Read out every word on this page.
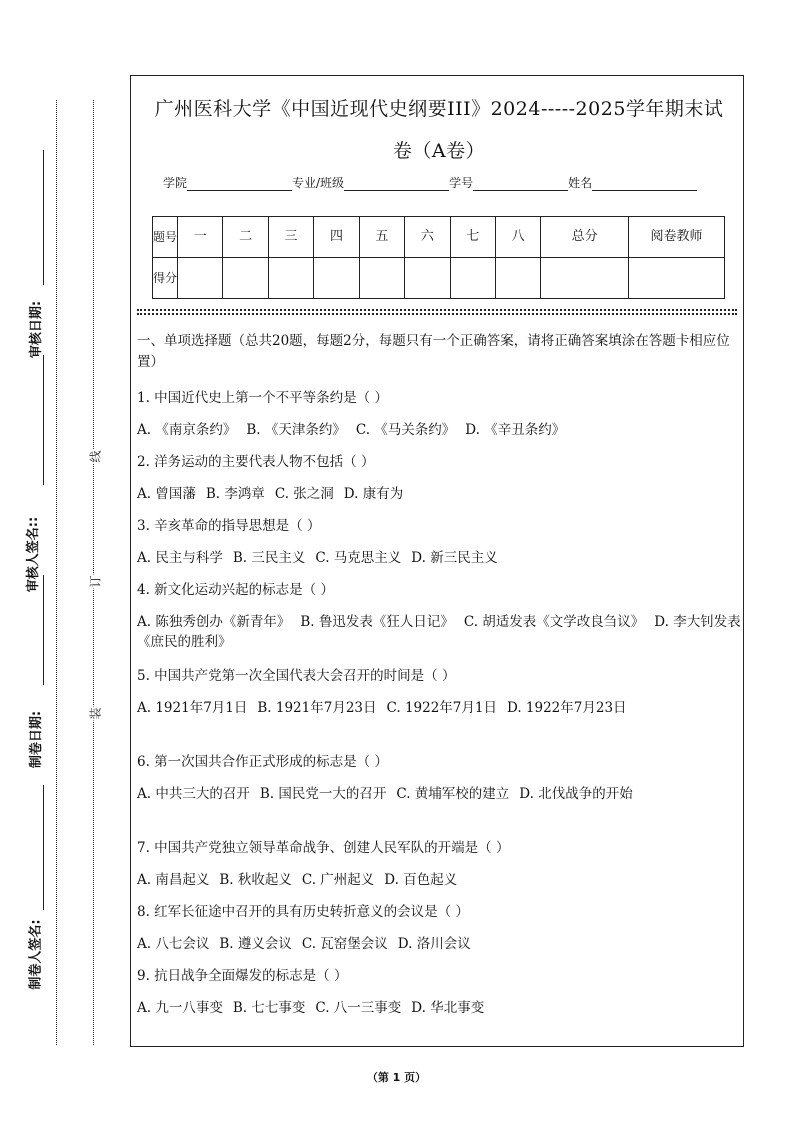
审核日期:
审核人签名::
制卷日期:
制卷人签名:
线
订
装
广州医科大学《中国近现代史纲要III》2024-----2025学年期末试
卷（A卷）
学院	专业/班级	学号	姓名
题号	一	二	三	四	五	六	七	八	总分	阅卷教师
得分										
一、单项选择题（总共20题，每题2分，每题只有一个正确答案，请将正确答案填涂在答题卡相应位置）
1. 中国近代史上第一个不平等条约是（ ）
A. 《南京条约》 B. 《天津条约》 C. 《马关条约》 D. 《辛丑条约》
2. 洋务运动的主要代表人物不包括（ ）
A. 曾国藩 B. 李鸿章 C. 张之洞 D. 康有为
3. 辛亥革命的指导思想是（ ）
A. 民主与科学 B. 三民主义 C. 马克思主义 D. 新三民主义
4. 新文化运动兴起的标志是（ ）
A. 陈独秀创办《新青年》 B. 鲁迅发表《狂人日记》 C. 胡适发表《文学改良刍议》 D. 李大钊发表《庶民的胜利》
5. 中国共产党第一次全国代表大会召开的时间是（ ）
A. 1921年7月1日 B. 1921年7月23日 C. 1922年7月1日 D. 1922年7月23日
6. 第一次国共合作正式形成的标志是（ ）
A. 中共三大的召开 B. 国民党一大的召开 C. 黄埔军校的建立 D. 北伐战争的开始
7. 中国共产党独立领导革命战争、创建人民军队的开端是（ ）
A. 南昌起义 B. 秋收起义 C. 广州起义 D. 百色起义
8. 红军长征途中召开的具有历史转折意义的会议是（ ）
A. 八七会议 B. 遵义会议 C. 瓦窑堡会议 D. 洛川会议
9. 抗日战争全面爆发的标志是（ ）
A. 九一八事变 B. 七七事变 C. 八一三事变 D. 华北事变
（第 1 页）
